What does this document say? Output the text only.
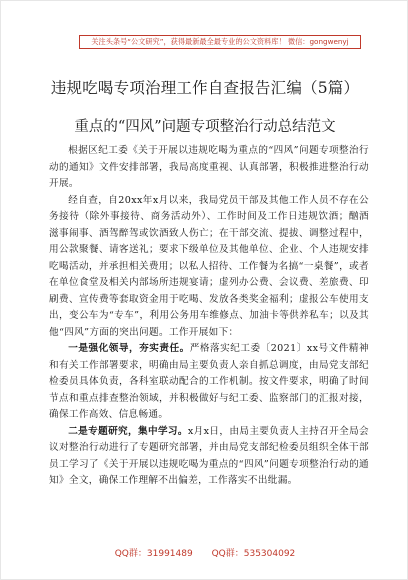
关注头条号“公文研究”，获得最新最全最专业的公文资料库！ 微信：gongwenyj
违规吃喝专项治理工作自查报告汇编（5篇）
重点的“四风”问题专项整治行动总结范文

根据区纪工委《关于开展以违规吃喝为重点的“四风”问题专项整治行动的通知》文件安排部署，我局高度重视、认真部署，积极推进整治行动开展。

经自查，自20xx年x月以来，我局党员干部及其他工作人员不存在公务接待（除外事接待、商务活动外）、工作时间及工作日违规饮酒；酗酒滋事闹事、酒驾醉驾或饮酒致人伤亡；在干部交流、提拔、调整过程中，用公款聚餐、请客送礼；要求下级单位及其他单位、企业、个人违规安排吃喝活动，并承担相关费用；以私人招待、工作餐为名搞“一桌餐”，或者在单位食堂及相关内部场所违规宴请；虚列办公费、会议费、差旅费、印刷费、宣传费等套取资金用于吃喝、发放各类奖金福利；虚报公车使用支出，变公车为“专车”，利用公务用车维修点、加油卡等供养私车；以及其他“四风”方面的突出问题。工作开展如下：

一是强化领导，夯实责任。严格落实纪工委〔2021〕xx号文件精神和有关工作部署要求，明确由局主要负责人亲自抓总调度，由局党支部纪检委员具体负责，各科室联动配合的工作机制。按文件要求，明确了时间节点和重点排查整治领域，并积极做好与纪工委、监察部门的汇报对接，确保工作高效、信息畅通。

二是专题研究，集中学习。x月x日，由局主要负责人主持召开全局会议对整治行动进行了专题研究部署，并由局党支部纪检委员组织全体干部员工学习了《关于开展以违规吃喝为重点的“四风”问题专项整治行动的通知》全文，确保工作理解不出偏差，工作落实不出纰漏。

QQ群：31991489 QQ群：535304092
